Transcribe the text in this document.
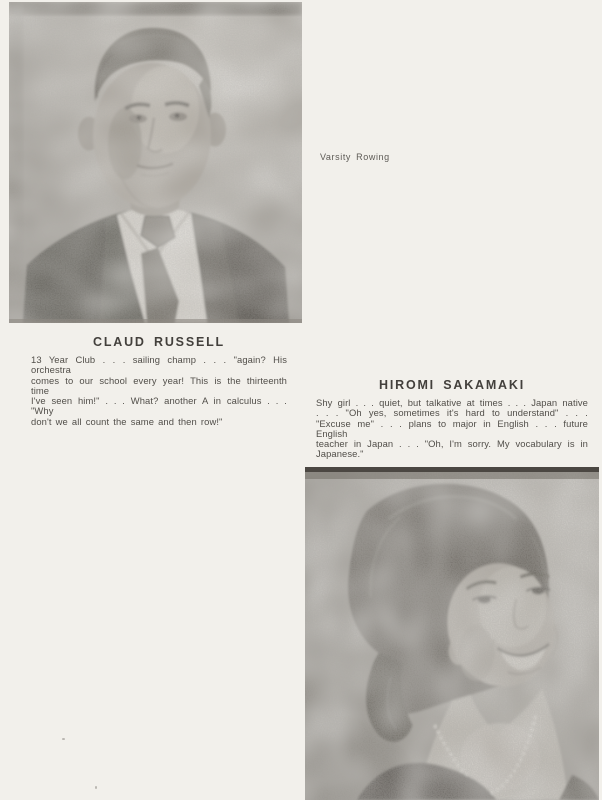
Varsity Rowing
CLAUD RUSSELL

13 Year Club . . . sailing champ . . . "again? His orchestra
comes to our school every year! This is the thirteenth time
I've seen him!" . . . What? another A in calculus . . . "Why
don't we all count the same and then row!"

HIROMI SAKAMAKI

Shy girl . . . quiet, but talkative at times . . . Japan native
. . . "Oh yes, sometimes it's hard to understand" . . .
"Excuse me" . . . plans to major in English . . . future English
teacher in Japan . . . "Oh, I'm sorry. My vocabulary is in
Japanese."
